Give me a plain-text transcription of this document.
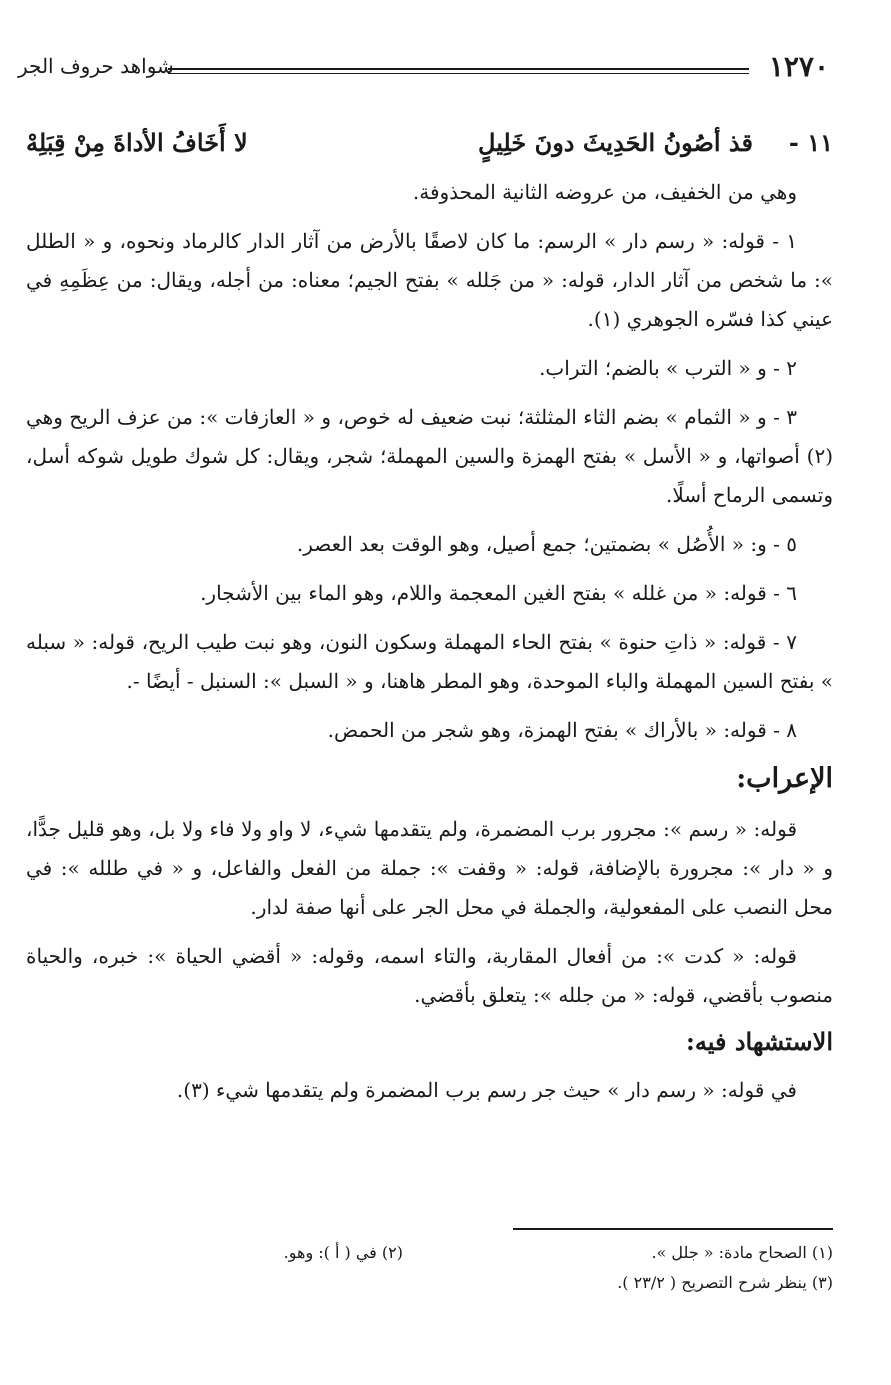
١٢٧٠
شواهد حروف الجر
١١ -
قذ أصُونُ الحَدِيثَ دونَ خَلِيلٍ
لا أَخَافُ الأداةَ مِنْ قِبَلِهْ

وهي من الخفيف، من عروضه الثانية المحذوفة.

١ - قوله: « رسم دار » الرسم: ما كان لاصقًا بالأرض من آثار الدار كالرماد ونحوه، و « الطلل »: ما شخص من آثار الدار، قوله: « من جَلله » بفتح الجيم؛ معناه: من أجله، ويقال: من عِظَمِهِ في عيني كذا فسّره الجوهري (١).

٢ - و « الترب » بالضم؛ التراب.

٣ - و « الثمام » بضم الثاء المثلثة؛ نبت ضعيف له خوص، و « العازفات »: من عزف الريح وهي (٢) أصواتها، و « الأسل » بفتح الهمزة والسين المهملة؛ شجر، ويقال: كل شوك طويل شوكه أسل، وتسمى الرماح أسلًا.

٥ - و: « الأُصُل » بضمتين؛ جمع أصيل، وهو الوقت بعد العصر.

٦ - قوله: « من غلله » بفتح الغين المعجمة واللام، وهو الماء بين الأشجار.

٧ - قوله: « ذاتِ حنوة » بفتح الحاء المهملة وسكون النون، وهو نبت طيب الريح، قوله: « سبله » بفتح السين المهملة والباء الموحدة، وهو المطر هاهنا، و « السبل »: السنبل - أيضًا -.

٨ - قوله: « بالأراك » بفتح الهمزة، وهو شجر من الحمض.

الإعراب:

قوله: « رسم »: مجرور برب المضمرة، ولم يتقدمها شيء، لا واو ولا فاء ولا بل، وهو قليل جدًّا، و « دار »: مجرورة بالإضافة، قوله: « وقفت »: جملة من الفعل والفاعل، و « في طلله »: في محل النصب على المفعولية، والجملة في محل الجر على أنها صفة لدار.

قوله: « كدت »: من أفعال المقاربة، والتاء اسمه، وقوله: « أقضي الحياة »: خبره، والحياة منصوب بأقضي، قوله: « من جلله »: يتعلق بأقضي.

الاستشهاد فيه:

في قوله: « رسم دار » حيث جر رسم برب المضمرة ولم يتقدمها شيء (٣).

(١) الصحاح مادة: « جلل ».
(٢) في ( أ ): وهو.
(٣) ينظر شرح التصريح ( ٢٣/٢ ).
